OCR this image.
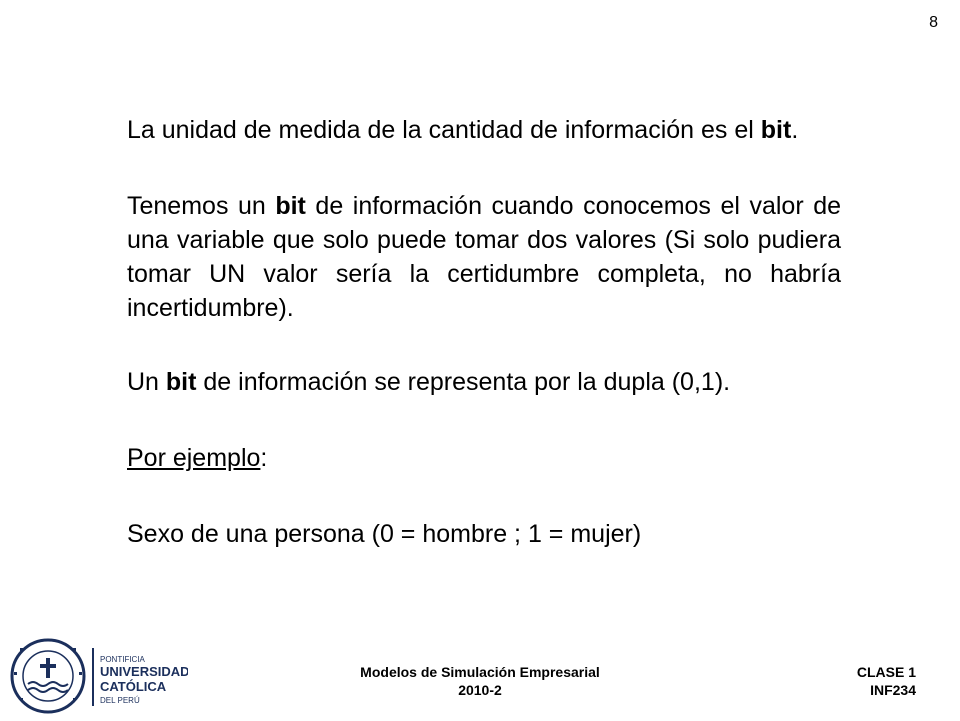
8

La unidad de medida de la cantidad de información es el bit.

Tenemos un bit de información cuando conocemos el valor de una variable que solo puede tomar dos valores (Si solo pudiera tomar UN valor sería la certidumbre completa, no habría incertidumbre).

Un bit de información se representa por la dupla (0,1).

Por ejemplo:

Sexo de una persona (0 = hombre ; 1 = mujer)

PONTIFICIA
UNIVERSIDAD
CATÓLICA
DEL PERÚ
Modelos de Simulación Empresarial
2010-2
CLASE 1
INF234
